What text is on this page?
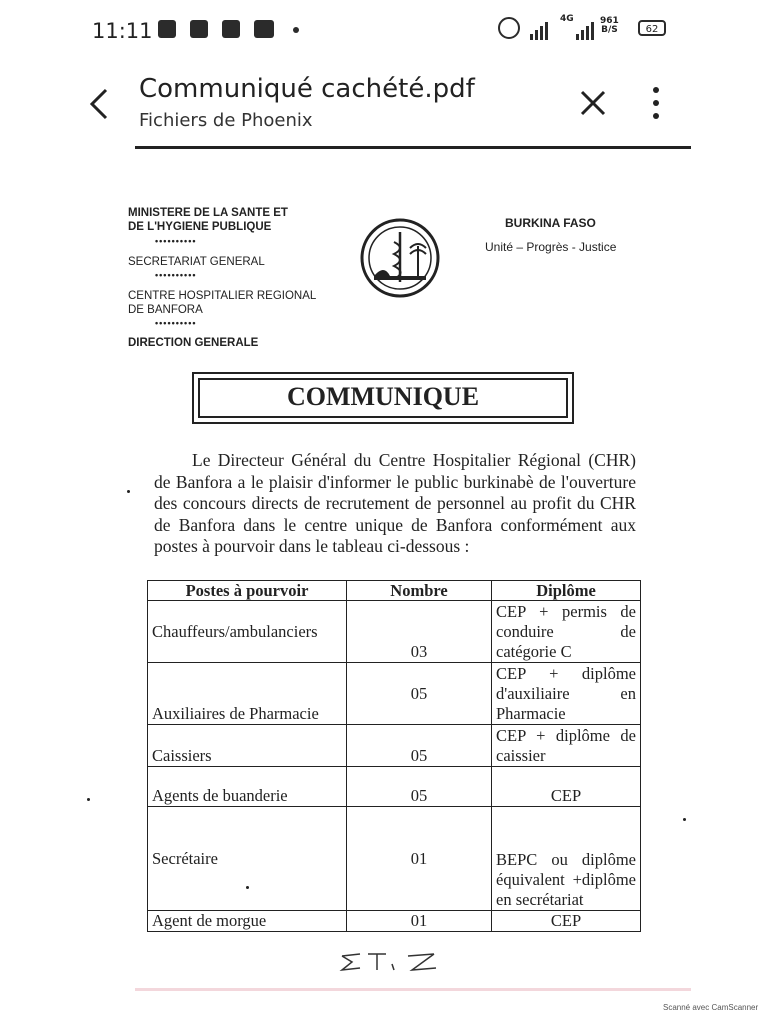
11:11	4G	961
B/S	62
Communiqué cachété.pdf
Fichiers de Phoenix
MINISTERE DE LA SANTE ET
DE L'HYGIENE PUBLIQUE
••••••••••
SECRETARIAT GENERAL
••••••••••
CENTRE HOSPITALIER REGIONAL
DE BANFORA
••••••••••
DIRECTION GENERALE
BURKINA FASO
Unité – Progrès - Justice
COMMUNIQUE
Le Directeur Général du Centre Hospitalier Régional (CHR) de Banfora a le plaisir d'informer le public burkinabè de l'ouverture des concours directs de recrutement de personnel au profit du CHR de Banfora dans le centre unique de Banfora conformément aux postes à pourvoir dans le tableau ci-dessous :
Postes à pourvoir	Nombre	Diplôme
Chauffeurs/ambulanciers	03	CEP + permis de conduire de catégorie C
Auxiliaires de Pharmacie	05	CEP + diplôme d'auxiliaire en Pharmacie
Caissiers	05	CEP + diplôme de caissier
Agents de buanderie	05	CEP
Secrétaire	01	BEPC ou diplôme équivalent +diplôme en secrétariat
Agent de morgue	01	CEP
Scanné avec CamScanner
